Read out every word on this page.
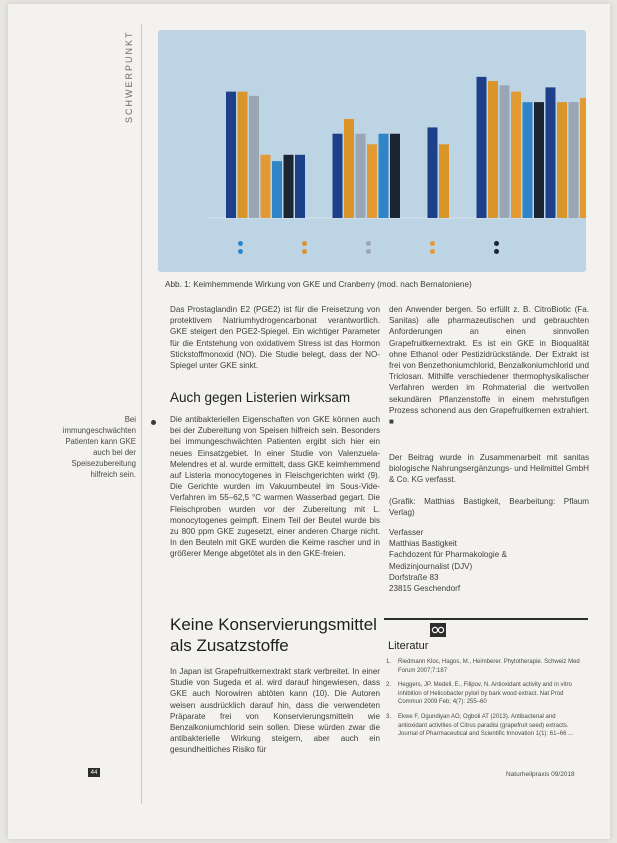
SCHWERPUNKT
Abb. 1: Keimhemmende Wirkung von GKE und Cranberry (mod. nach Bernatoniene)

Das Prostaglandin E2 (PGE2) ist für die Freisetzung von protektivem Natriumhydrogencarbonat verantwortlich. GKE steigert den PGE2-Spiegel. Ein wichtiger Parameter für die Entstehung von oxidativem Stress ist das Hormon Stickstoffmonoxid (NO). Die Studie belegt, dass der NO-Spiegel unter GKE sinkt.

Auch gegen Listerien wirksam
Bei immungeschwächten Patienten kann GKE auch bei der Speisezubereitung hilfreich sein.

Die antibakteriellen Eigenschaften von GKE können auch bei der Zubereitung von Speisen hilfreich sein. Besonders bei immungeschwächten Patienten ergibt sich hier ein neues Einsatzgebiet. In einer Studie von Valenzuela-Melendres et al. wurde ermittelt, dass GKE keimhemmend auf Listeria monocytogenes in Fleischgerichten wirkt (9). Die Gerichte wurden im Vakuumbeutel im Sous-Vide-Verfahren im 55–62,5 °C warmen Wasserbad gegart. Die Fleischproben wurden vor der Zubereitung mit L. monocytogenes geimpft. Einem Teil der Beutel wurde bis zu 800 ppm GKE zugesetzt, einer anderen Charge nicht. In den Beuteln mit GKE wurden die Keime rascher und in größerer Menge abgetötet als in den GKE-freien.

Keine Konservierungsmittel als Zusatzstoffe

In Japan ist Grapefruitkernextrakt stark verbreitet. In einer Studie von Sugeda et al. wird darauf hingewiesen, dass GKE auch Norowiren abtöten kann (10). Die Autoren weisen ausdrücklich darauf hin, dass die verwendeten Präparate frei von Konservierungsmitteln wie Benzalkoniumchlorid sein sollen. Diese würden zwar die antibakterielle Wirkung steigern, aber auch ein gesundheitliches Risiko für

den Anwender bergen. So erfüllt z. B. CitroBiotic (Fa. Sanitas) alle pharmazeutischen und gebrauchten Anforderungen an einen sinnvollen Grapefruitkernextrakt. Es ist ein GKE in Bioqualität ohne Ethanol oder Pestizidrückstände. Der Extrakt ist frei von Benzethoniumchlorid, Benzalkoniumchlorid und Triclosan. Mithilfe verschiedener thermophysikalischer Verfahren werden im Rohmaterial die wertvollen sekundären Pflanzenstoffe in einem mehrstufigen Prozess schonend aus den Grapefruitkernen extrahiert. ■

Der Beitrag wurde in Zusammenarbeit mit sanitas biologische Nahrungsergänzungs- und Heilmittel GmbH & Co. KG verfasst.

(Grafik: Matthias Bastigkeit, Bearbeitung: Pflaum Verlag)

Verfasser
Matthias Bastigkeit
Fachdozent für Pharmakologie &
Medizinjournalist (DJV)
Dorfstraße 83
23815 Geschendorf
Literatur
1. Riedmann Kloc, Hagos, M., Heimberer. Phytotherapie. Schweiz Med Forum 2007;7:187
2. Heggers, JP. Medell, E., Filipov, N. Antioxidant activity and in vitro inhibition of Helicobacter pylori by bark wood extract. Nat Prod Commun 2009 Feb; 4(7): 255–60
3. Ekwe F, Ogundiyan AO, Ogboli AT (2013). Antibacterial and antioxidant activities of Citrus paradisi (grapefruit seed) extracts. Journal of Pharmaceutical and Scientific Innovation 1(1): 61–66 ...
44	Naturheilpraxis 09/2018
